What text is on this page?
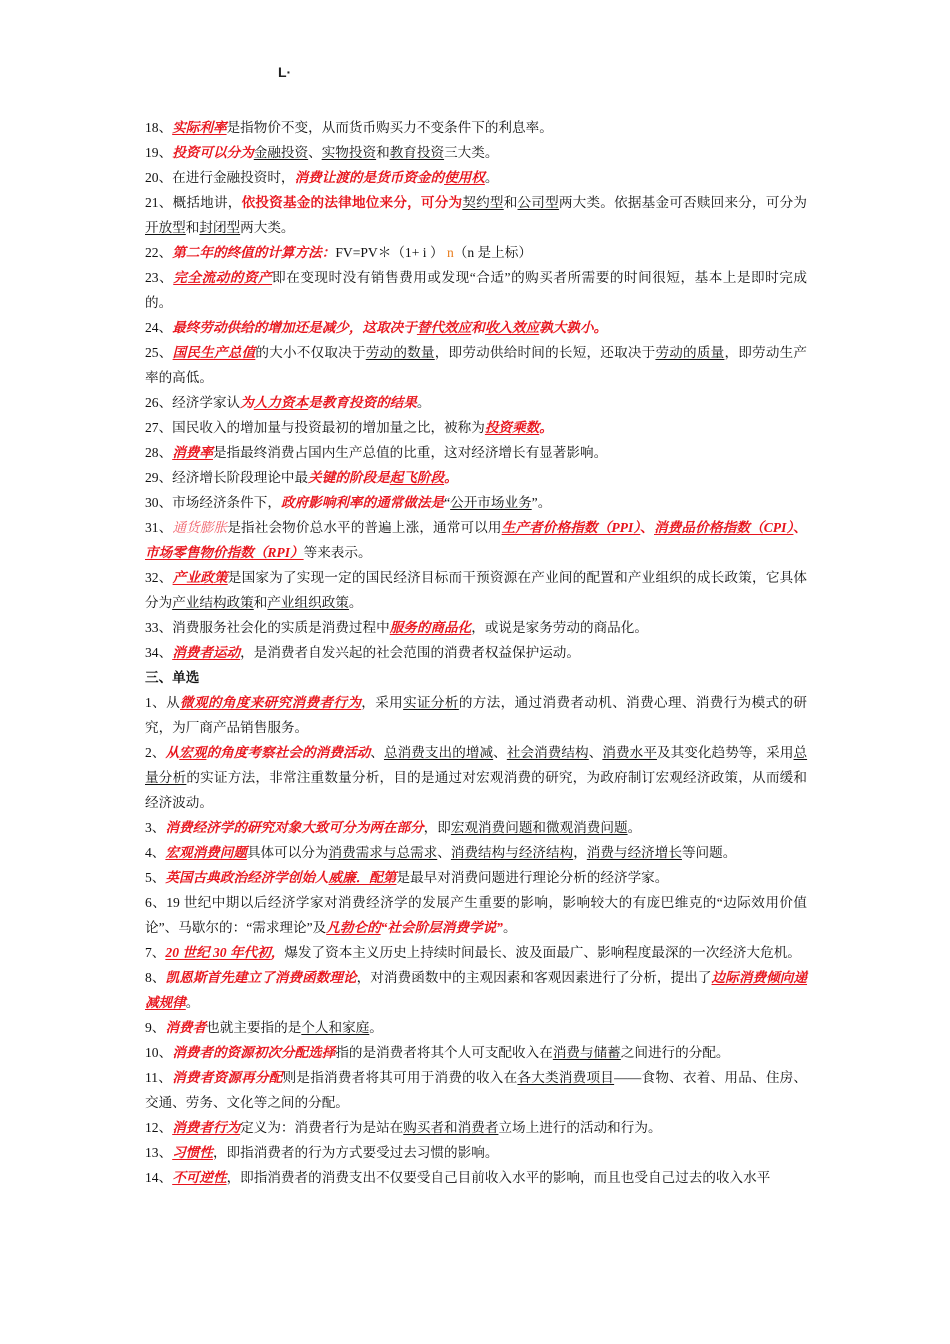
L·

18、实际利率是指物价不变，从而货币购买力不变条件下的利息率。

19、投资可以分为金融投资、实物投资和教育投资三大类。

20、在进行金融投资时，消费让渡的是货币资金的使用权。

21、概括地讲，依投资基金的法律地位来分，可分为契约型和公司型两大类。依据基金可否赎回来分，可分为开放型和封闭型两大类。

22、第二年的终值的计算方法：FV=PV＊（1+ i ） n（n 是上标）

23、完全流动的资产即在变现时没有销售费用或发现“合适”的购买者所需要的时间很短，基本上是即时完成的。

24、最终劳动供给的增加还是减少，这取决于替代效应和收入效应孰大孰小。

25、国民生产总值的大小不仅取决于劳动的数量，即劳动供给时间的长短，还取决于劳动的质量，即劳动生产率的高低。

26、经济学家认为人力资本是教育投资的结果。

27、国民收入的增加量与投资最初的增加量之比，被称为投资乘数。

28、消费率是指最终消费占国内生产总值的比重，这对经济增长有显著影响。

29、经济增长阶段理论中最关键的阶段是起飞阶段。

30、市场经济条件下，政府影响利率的通常做法是“公开市场业务”。

31、通货膨胀是指社会物价总水平的普遍上涨，通常可以用生产者价格指数（PPI）、消费品价格指数（CPI）、市场零售物价指数（RPI）等来表示。

32、产业政策是国家为了实现一定的国民经济目标而干预资源在产业间的配置和产业组织的成长政策，它具体分为产业结构政策和产业组织政策。

33、消费服务社会化的实质是消费过程中服务的商品化，或说是家务劳动的商品化。

34、消费者运动，是消费者自发兴起的社会范围的消费者权益保护运动。

三、单选

1、从微观的角度来研究消费者行为，采用实证分析的方法，通过消费者动机、消费心理、消费行为模式的研究，为厂商产品销售服务。

2、从宏观的角度考察社会的消费活动、总消费支出的增减、社会消费结构、消费水平及其变化趋势等，采用总量分析的实证方法，非常注重数量分析，目的是通过对宏观消费的研究，为政府制订宏观经济政策，从而缓和经济波动。

3、消费经济学的研究对象大致可分为两在部分，即宏观消费问题和微观消费问题。

4、宏观消费问题具体可以分为消费需求与总需求、消费结构与经济结构，消费与经济增长等问题。

5、英国古典政治经济学创始人威廉．配第是最早对消费问题进行理论分析的经济学家。

6、19 世纪中期以后经济学家对消费经济学的发展产生重要的影响，影响较大的有庞巴维克的“边际效用价值论”、马歇尔的：“需求理论”及凡勃仑的“社会阶层消费学说”。

7、20 世纪 30 年代初，爆发了资本主义历史上持续时间最长、波及面最广、影响程度最深的一次经济大危机。

8、凯恩斯首先建立了消费函数理论，对消费函数中的主观因素和客观因素进行了分析，提出了边际消费倾向递减规律。

9、消费者也就主要指的是个人和家庭。

10、消费者的资源初次分配选择指的是消费者将其个人可支配收入在消费与储蓄之间进行的分配。

11、消费者资源再分配则是指消费者将其可用于消费的收入在各大类消费项目——食物、衣着、用品、住房、交通、劳务、文化等之间的分配。

12、消费者行为定义为：消费者行为是站在购买者和消费者立场上进行的活动和行为。

13、习惯性，即指消费者的行为方式要受过去习惯的影响。

14、不可逆性，即指消费者的消费支出不仅要受自己目前收入水平的影响，而且也受自己过去的收入水平
